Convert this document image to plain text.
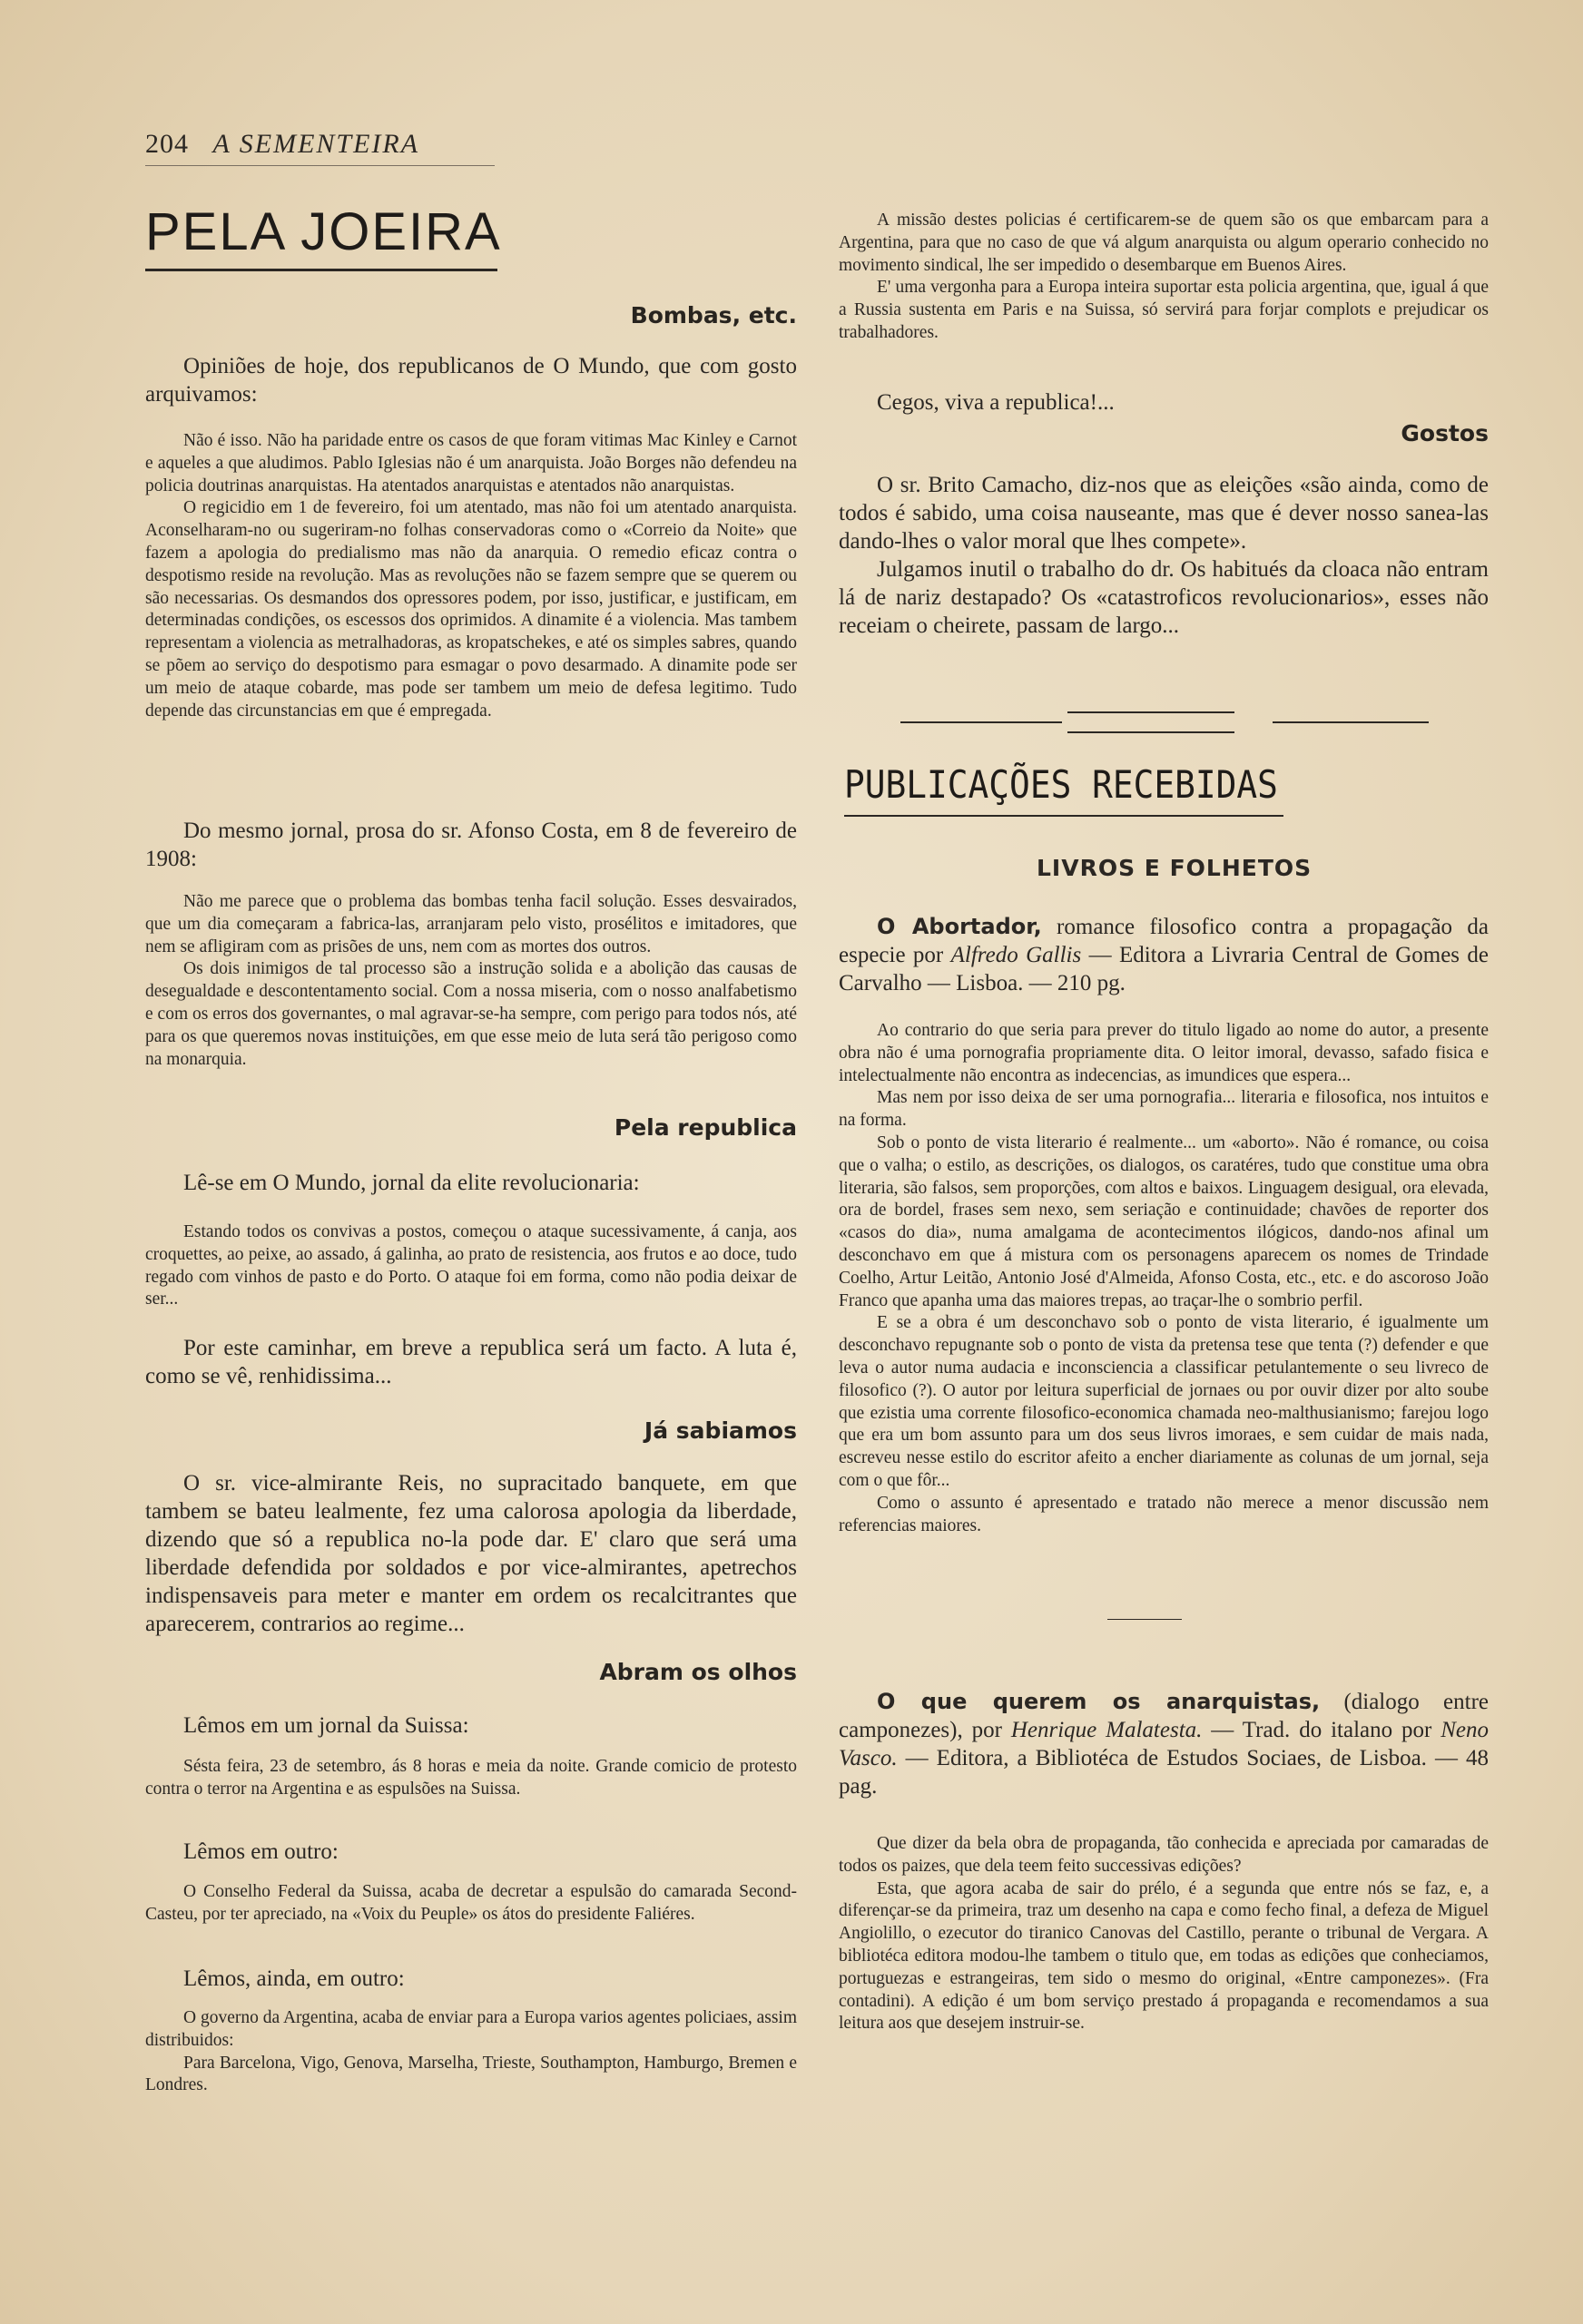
204 A SEMENTEIRA
PELA JOEIRA
Bombas, etc.

Opiniões de hoje, dos republicanos de O Mundo, que com gosto arquivamos:

Não é isso. Não ha paridade entre os casos de que foram vitimas Mac Kinley e Carnot e aqueles a que aludimos. Pablo Iglesias não é um anarquista. João Borges não defendeu na policia doutrinas anarquistas. Ha atentados anarquistas e atentados não anarquistas.

O regicidio em 1 de fevereiro, foi um atentado, mas não foi um atentado anarquista. Aconselharam-no ou sugeriram-no folhas conservadoras como o «Correio da Noite» que fazem a apologia do predialismo mas não da anarquia. O remedio eficaz contra o despotismo reside na revolução. Mas as revoluções não se fazem sempre que se querem ou são necessarias. Os desmandos dos opressores podem, por isso, justificar, e justificam, em determinadas condições, os escessos dos oprimidos. A dinamite é a violencia. Mas tambem representam a violencia as metralhadoras, as kropatschekes, e até os simples sabres, quando se põem ao serviço do despotismo para esmagar o povo desarmado. A dinamite pode ser um meio de ataque cobarde, mas pode ser tambem um meio de defesa legitimo. Tudo depende das circunstancias em que é empregada.

Do mesmo jornal, prosa do sr. Afonso Costa, em 8 de fevereiro de 1908:

Não me parece que o problema das bombas tenha facil solução. Esses desvairados, que um dia começaram a fabrica-las, arranjaram pelo visto, prosélitos e imitadores, que nem se afligiram com as prisões de uns, nem com as mortes dos outros.

Os dois inimigos de tal processo são a instrução solida e a abolição das causas de desegualdade e descontentamento social. Com a nossa miseria, com o nosso analfabetismo e com os erros dos governantes, o mal agravar-se-ha sempre, com perigo para todos nós, até para os que queremos novas instituições, em que esse meio de luta será tão perigoso como na monarquia.

Pela republica

Lê-se em O Mundo, jornal da elite revolucionaria:

Estando todos os convivas a postos, começou o ataque sucessivamente, á canja, aos croquettes, ao peixe, ao assado, á galinha, ao prato de resistencia, aos frutos e ao doce, tudo regado com vinhos de pasto e do Porto. O ataque foi em forma, como não podia deixar de ser...

Por este caminhar, em breve a republica será um facto. A luta é, como se vê, renhidissima...

Já sabiamos

O sr. vice-almirante Reis, no supracitado banquete, em que tambem se bateu lealmente, fez uma calorosa apologia da liberdade, dizendo que só a republica no-la pode dar. E' claro que será uma liberdade defendida por soldados e por vice-almirantes, apetrechos indispensaveis para meter e manter em ordem os recalcitrantes que aparecerem, contrarios ao regime...

Abram os olhos

Lêmos em um jornal da Suissa:

Sésta feira, 23 de setembro, ás 8 horas e meia da noite. Grande comicio de protesto contra o terror na Argentina e as espulsões na Suissa.

Lêmos em outro:

O Conselho Federal da Suissa, acaba de decretar a espulsão do camarada Second-Casteu, por ter apreciado, na «Voix du Peuple» os átos do presidente Faliéres.

Lêmos, ainda, em outro:

O governo da Argentina, acaba de enviar para a Europa varios agentes policiaes, assim distribuidos:

Para Barcelona, Vigo, Genova, Marselha, Trieste, Southampton, Hamburgo, Bremen e Londres.

A missão destes policias é certificarem-se de quem são os que embarcam para a Argentina, para que no caso de que vá algum anarquista ou algum operario conhecido no movimento sindical, lhe ser impedido o desembarque em Buenos Aires.

E' uma vergonha para a Europa inteira suportar esta policia argentina, que, igual á que a Russia sustenta em Paris e na Suissa, só servirá para forjar complots e prejudicar os trabalhadores.

Cegos, viva a republica!...

Gostos

O sr. Brito Camacho, diz-nos que as eleições «são ainda, como de todos é sabido, uma coisa nauseante, mas que é dever nosso sanea-las dando-lhes o valor moral que lhes compete».

Julgamos inutil o trabalho do dr. Os habitués da cloaca não entram lá de nariz destapado? Os «catastroficos revolucionarios», esses não receiam o cheirete, passam de largo...

PUBLICAÇÕES RECEBIDAS
LIVROS E FOLHETOS

O Abortador, romance filosofico contra a propagação da especie por Alfredo Gallis — Editora a Livraria Central de Gomes de Carvalho — Lisboa. — 210 pg.

Ao contrario do que seria para prever do titulo ligado ao nome do autor, a presente obra não é uma pornografia propriamente dita. O leitor imoral, devasso, safado fisica e intelectualmente não encontra as indecencias, as imundices que espera...

Mas nem por isso deixa de ser uma pornografia... literaria e filosofica, nos intuitos e na forma.

Sob o ponto de vista literario é realmente... um «aborto». Não é romance, ou coisa que o valha; o estilo, as descrições, os dialogos, os caratéres, tudo que constitue uma obra literaria, são falsos, sem proporções, com altos e baixos. Linguagem desigual, ora elevada, ora de bordel, frases sem nexo, sem seriação e continuidade; chavões de reporter dos «casos do dia», numa amalgama de acontecimentos ilógicos, dando-nos afinal um desconchavo em que á mistura com os personagens aparecem os nomes de Trindade Coelho, Artur Leitão, Antonio José d'Almeida, Afonso Costa, etc., etc. e do ascoroso João Franco que apanha uma das maiores trepas, ao traçar-lhe o sombrio perfil.

E se a obra é um desconchavo sob o ponto de vista literario, é igualmente um desconchavo repugnante sob o ponto de vista da pretensa tese que tenta (?) defender e que leva o autor numa audacia e inconsciencia a classificar petulantemente o seu livreco de filosofico (?). O autor por leitura superficial de jornaes ou por ouvir dizer por alto soube que ezistia uma corrente filosofico-economica chamada neo-malthusianismo; farejou logo que era um bom assunto para um dos seus livros imoraes, e sem cuidar de mais nada, escreveu nesse estilo do escritor afeito a encher diariamente as colunas de um jornal, seja com o que fôr...

Como o assunto é apresentado e tratado não merece a menor discussão nem referencias maiores.

O que querem os anarquistas, (dialogo entre camponezes), por Henrique Malatesta. — Trad. do italano por Neno Vasco. — Editora, a Bibliotéca de Estudos Sociaes, de Lisboa. — 48 pag.

Que dizer da bela obra de propaganda, tão conhecida e apreciada por camaradas de todos os paizes, que dela teem feito successivas edições?

Esta, que agora acaba de sair do prélo, é a segunda que entre nós se faz, e, a diferençar-se da primeira, traz um desenho na capa e como fecho final, a defeza de Miguel Angiolillo, o ezecutor do tiranico Canovas del Castillo, perante o tribunal de Vergara. A bibliotéca editora modou-lhe tambem o titulo que, em todas as edições que conheciamos, portuguezas e estrangeiras, tem sido o mesmo do original, «Entre camponezes». (Fra contadini). A edição é um bom serviço prestado á propaganda e recomendamos a sua leitura aos que desejem instruir-se.
